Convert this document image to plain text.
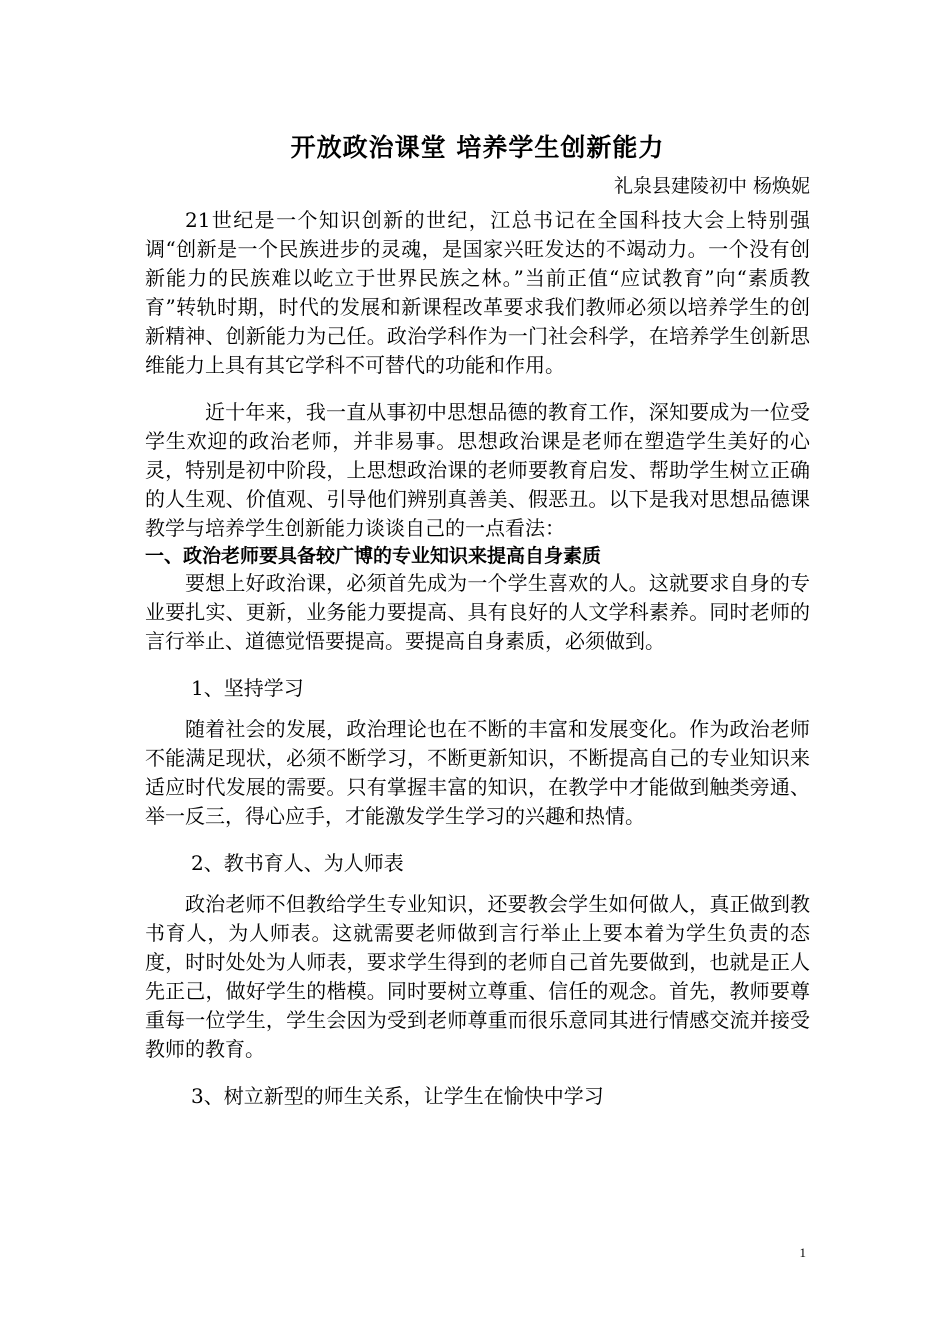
开放政治课堂 培养学生创新能力
礼泉县建陵初中 杨焕妮

21世纪是一个知识创新的世纪，江总书记在全国科技大会上特别强调“创新是一个民族进步的灵魂，是国家兴旺发达的不竭动力。一个没有创新能力的民族难以屹立于世界民族之林。”当前正值“应试教育”向“素质教育”转轨时期，时代的发展和新课程改革要求我们教师必须以培养学生的创新精神、创新能力为己任。政治学科作为一门社会科学，在培养学生创新思维能力上具有其它学科不可替代的功能和作用。

近十年来，我一直从事初中思想品德的教育工作，深知要成为一位受学生欢迎的政治老师，并非易事。思想政治课是老师在塑造学生美好的心灵，特别是初中阶段，上思想政治课的老师要教育启发、帮助学生树立正确的人生观、价值观、引导他们辨别真善美、假恶丑。以下是我对思想品德课教学与培养学生创新能力谈谈自己的一点看法：

一、政治老师要具备较广博的专业知识来提高自身素质

要想上好政治课，必须首先成为一个学生喜欢的人。这就要求自身的专业要扎实、更新，业务能力要提高、具有良好的人文学科素养。同时老师的言行举止、道德觉悟要提高。要提高自身素质，必须做到。

1、坚持学习

随着社会的发展，政治理论也在不断的丰富和发展变化。作为政治老师不能满足现状，必须不断学习，不断更新知识，不断提高自己的专业知识来适应时代发展的需要。只有掌握丰富的知识，在教学中才能做到触类旁通、举一反三，得心应手，才能激发学生学习的兴趣和热情。

2、教书育人、为人师表

政治老师不但教给学生专业知识，还要教会学生如何做人，真正做到教书育人，为人师表。这就需要老师做到言行举止上要本着为学生负责的态度，时时处处为人师表，要求学生得到的老师自己首先要做到，也就是正人先正己，做好学生的楷模。同时要树立尊重、信任的观念。首先，教师要尊重每一位学生，学生会因为受到老师尊重而很乐意同其进行情感交流并接受教师的教育。

3、树立新型的师生关系，让学生在愉快中学习
1
